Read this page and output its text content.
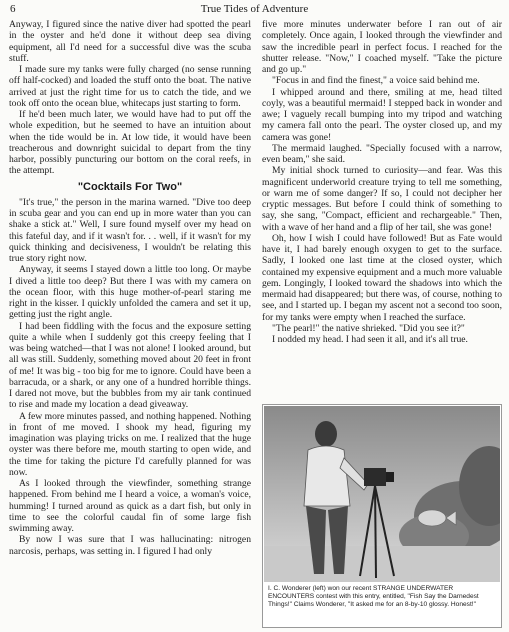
6	True Tides of Adventure

Anyway, I figured since the native diver had spotted the pearl in the oyster and he'd done it without deep sea diving equipment, all I'd need for a successful dive was the scuba stuff.

I made sure my tanks were fully charged (no sense running off half-cocked) and loaded the stuff onto the boat. The native arrived at just the right time for us to catch the tide, and we took off onto the ocean blue, whitecaps just starting to form.

If he'd been much later, we would have had to put off the whole expedition, but he seemed to have an intuition about when the tide would be in. At low tide, it would have been treacherous and downright suicidal to depart from the tiny harbor, possibly puncturing our bottom on the coral reefs, in the attempt.

"Cocktails For Two"

"It's true," the person in the marina warned. "Dive too deep in scuba gear and you can end up in more water than you can shake a stick at." Well, I sure found myself over my head on this fateful day, and if it wasn't for. . . well, if it wasn't for my quick thinking and decisiveness, I wouldn't be relating this true story right now.

Anyway, it seems I stayed down a little too long. Or maybe I dived a little too deep? But there I was with my camera on the ocean floor, with this huge mother-of-pearl staring me right in the kisser. I quickly unfolded the camera and set it up, getting just the right angle.

I had been fiddling with the focus and the exposure setting quite a while when I suddenly got this creepy feeling that I was being watched—that I was not alone! I looked around, but all was still. Suddenly, something moved about 20 feet in front of me! It was big - too big for me to ignore. Could have been a barracuda, or a shark, or any one of a hundred horrible things. I dared not move, but the bubbles from my air tank continued to rise and made my location a dead giveaway.

A few more minutes passed, and nothing happened. Nothing in front of me moved. I shook my head, figuring my imagination was playing tricks on me. I realized that the huge oyster was there before me, mouth starting to open wide, and the time for taking the picture I'd carefully planned for was now.

As I looked through the viewfinder, something strange happened. From behind me I heard a voice, a woman's voice, humming! I turned around as quick as a dart fish, but only in time to see the colorful caudal fin of some large fish swimming away.

By now I was sure that I was hallucinating: nitrogen narcosis, perhaps, was setting in. I figured I had only

five more minutes underwater before I ran out of air completely. Once again, I looked through the viewfinder and saw the incredible pearl in perfect focus. I reached for the shutter release. "Now," I coached myself. "Take the picture and go up."

"Focus in and find the finest," a voice said behind me.

I whipped around and there, smiling at me, head tilted coyly, was a beautiful mermaid! I stepped back in wonder and awe; I vaguely recall bumping into my tripod and watching my camera fall onto the pearl. The oyster closed up, and my camera was gone!

The mermaid laughed. "Specially focused with a narrow, even beam," she said.

My initial shock turned to curiosity—and fear. Was this magnificent underworld creature trying to tell me something, or warn me of some danger? If so, I could not decipher her cryptic messages. But before I could think of something to say, she sang, "Compact, efficient and rechargeable." Then, with a wave of her hand and a flip of her tail, she was gone!

Oh, how I wish I could have followed! But as Fate would have it, I had barely enough oxygen to get to the surface. Sadly, I looked one last time at the closed oyster, which contained my expensive equipment and a much more valuable gem. Longingly, I looked toward the shadows into which the mermaid had disappeared; but there was, of course, nothing to see, and I started up. I began my ascent not a second too soon, for my tanks were empty when I reached the surface.

"The pearl!" the native shrieked. "Did you see it?"

I nodded my head. I had seen it all, and it's all true.

I. C. Wonderer (left) won our recent STRANGE UNDERWATER ENCOUNTERS contest with this entry, entitled, "Fish Say the Darnedest Things!" Claims Wonderer, "It asked me for an 8-by-10 glossy. Honest!"
